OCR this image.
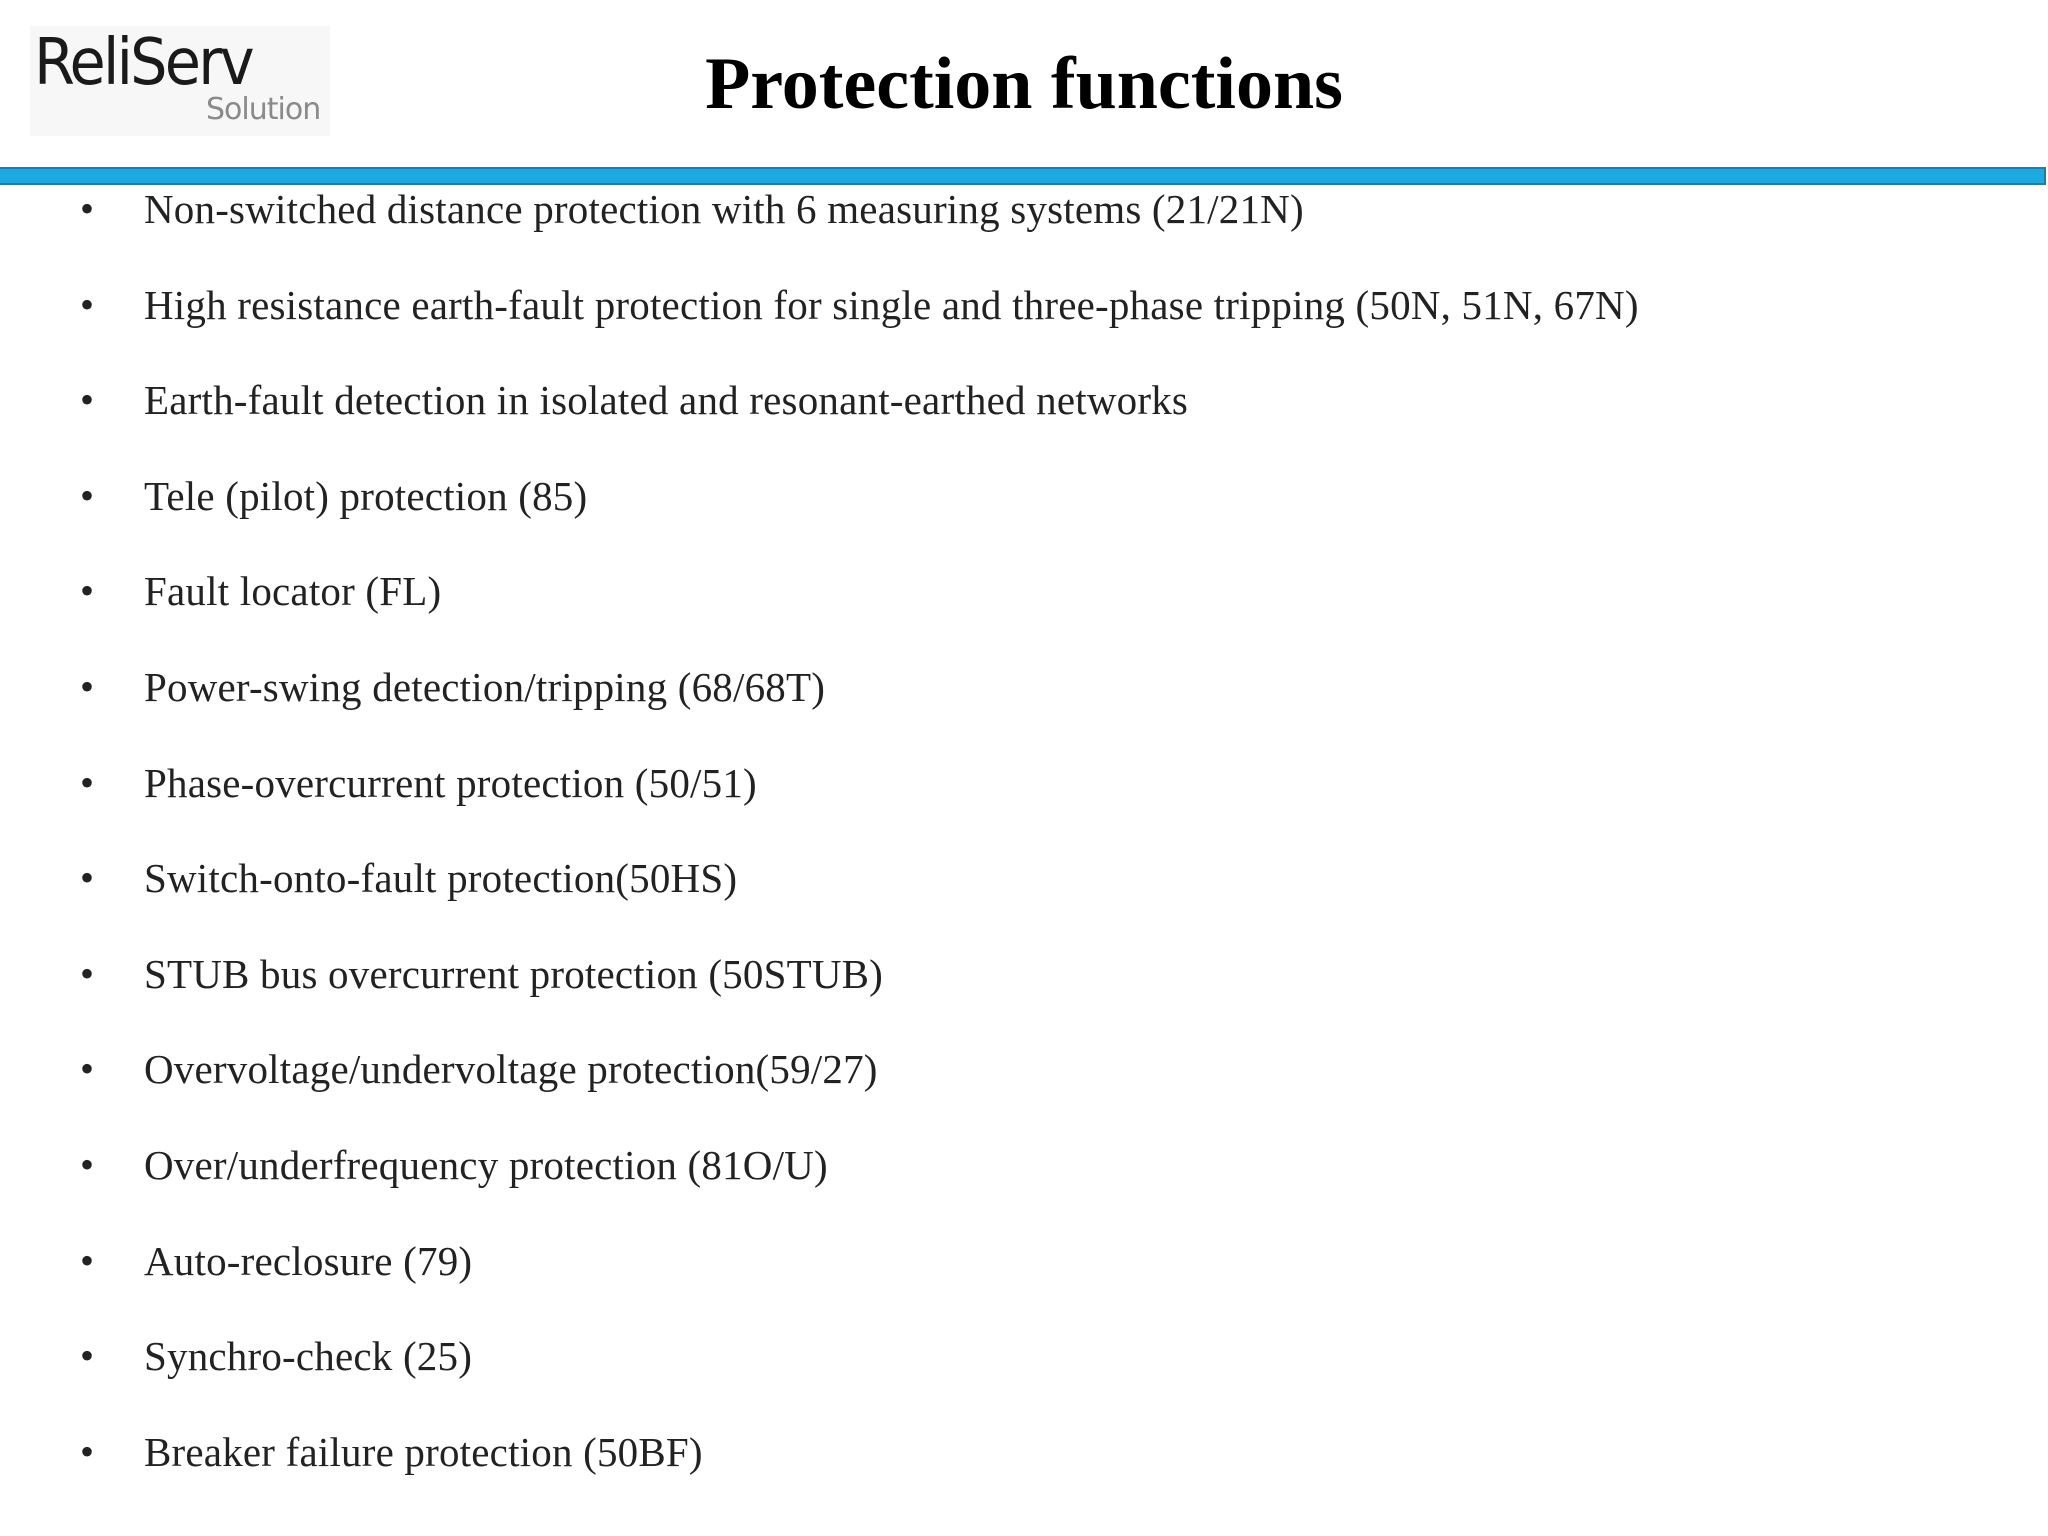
ReliServ
Solution	Protection functions
• Non-switched distance protection with 6 measuring systems (21/21N)
• High resistance earth-fault protection for single and three-phase tripping (50N, 51N, 67N)
• Earth-fault detection in isolated and resonant-earthed networks
• Tele (pilot) protection (85)
• Fault locator (FL)
• Power-swing detection/tripping (68/68T)
• Phase-overcurrent protection (50/51)
• Switch-onto-fault protection(50HS)
• STUB bus overcurrent protection (50STUB)
• Overvoltage/undervoltage protection(59/27)
• Over/underfrequency protection (81O/U)
• Auto-reclosure (79)
• Synchro-check (25)
• Breaker failure protection (50BF)
